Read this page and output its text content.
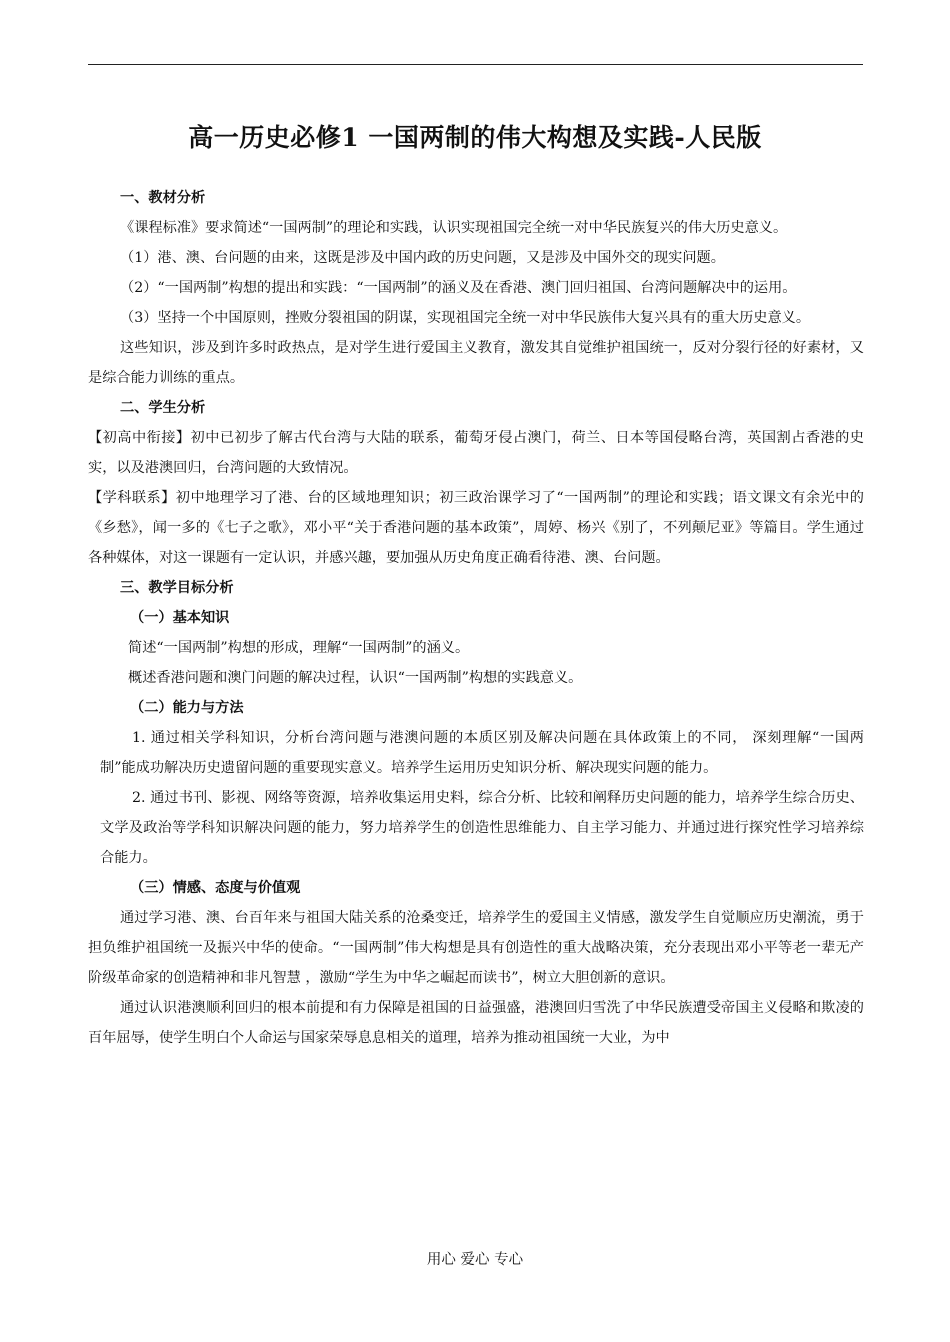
高一历史必修1 一国两制的伟大构想及实践-人民版

一、教材分析

《课程标准》要求简述“一国两制”的理论和实践，认识实现祖国完全统一对中华民族复兴的伟大历史意义。

（1）港、澳、台问题的由来，这既是涉及中国内政的历史问题，又是涉及中国外交的现实问题。

（2）“一国两制”构想的提出和实践：“一国两制”的涵义及在香港、澳门回归祖国、台湾问题解决中的运用。

（3）坚持一个中国原则，挫败分裂祖国的阴谋，实现祖国完全统一对中华民族伟大复兴具有的重大历史意义。

这些知识，涉及到许多时政热点，是对学生进行爱国主义教育，激发其自觉维护祖国统一，反对分裂行径的好素材，又是综合能力训练的重点。

二、学生分析

【初高中衔接】初中已初步了解古代台湾与大陆的联系，葡萄牙侵占澳门，荷兰、日本等国侵略台湾，英国割占香港的史实，以及港澳回归，台湾问题的大致情况。

【学科联系】初中地理学习了港、台的区域地理知识；初三政治课学习了“一国两制”的理论和实践；语文课文有余光中的《乡愁》，闻一多的《七子之歌》，邓小平“关于香港问题的基本政策”，周婷、杨兴《别了，不列颠尼亚》等篇目。学生通过各种媒体，对这一课题有一定认识，并感兴趣，要加强从历史角度正确看待港、澳、台问题。

三、教学目标分析

（一）基本知识

简述“一国两制”构想的形成，理解“一国两制”的涵义。

概述香港问题和澳门问题的解决过程，认识“一国两制”构想的实践意义。

（二）能力与方法

1. 通过相关学科知识，分析台湾问题与港澳问题的本质区别及解决问题在具体政策上的不同， 深刻理解“一国两制”能成功解决历史遗留问题的重要现实意义。培养学生运用历史知识分析、解决现实问题的能力。

2. 通过书刊、影视、网络等资源，培养收集运用史料，综合分析、比较和阐释历史问题的能力，培养学生综合历史、文学及政治等学科知识解决问题的能力，努力培养学生的创造性思维能力、自主学习能力、并通过进行探究性学习培养综合能力。

（三）情感、态度与价值观

通过学习港、澳、台百年来与祖国大陆关系的沧桑变迁，培养学生的爱国主义情感，激发学生自觉顺应历史潮流，勇于担负维护祖国统一及振兴中华的使命。“一国两制”伟大构想是具有创造性的重大战略决策，充分表现出邓小平等老一辈无产阶级革命家的创造精神和非凡智慧 ，激励“学生为中华之崛起而读书”，树立大胆创新的意识。

通过认识港澳顺利回归的根本前提和有力保障是祖国的日益强盛，港澳回归雪洗了中华民族遭受帝国主义侵略和欺凌的百年屈辱，使学生明白个人命运与国家荣辱息息相关的道理，培养为推动祖国统一大业，为中

用心 爱心 专心
